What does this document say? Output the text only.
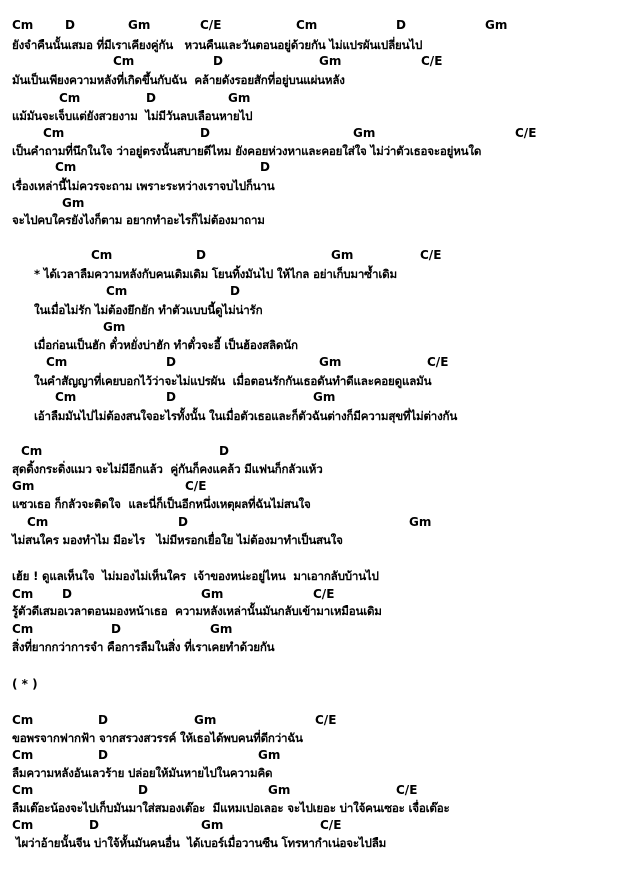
Cm

	D

	Gm

	C/E

	Cm

	D

	Gm

ยังจำคืนนั้นเสมอ ที่มีเราเคียงคู่กัน   หวนคืนและวันตอนอยู่ด้วยกัน ไม่แปรผันเปลี่ยนไป

Cm

	D

	Gm

	C/E

มันเป็นเพียงความหลังที่เกิดขึ้นกับฉัน  คล้ายดังรอยสักที่อยู่บนแผ่นหลัง

Cm

	D

	Gm

แม้มันจะเจ็บแต่ยังสวยงาม  ไม่มีวันลบเลือนหายไป

Cm

	D

	Gm

	C/E

เป็นคำถามที่นึกในใจ ว่าอยู่ตรงนั้นสบายดีไหม ยังคอยห่วงหาและคอยใส่ใจ ไม่ว่าตัวเธอจะอยู่หนใด

Cm

	D

เรื่องเหล่านี้ไม่ควรจะถาม เพราะระหว่างเราจบไปก็นาน

Gm

จะไปคบใครยังไงก็ตาม อยากทำอะไรก็ไม่ต้องมาถาม

Cm

	D

	Gm

	C/E

* ได้เวลาลืมความหลังกับคนเดิมเดิม โยนทิ้งมันไป ให้ไกล อย่าเก็บมาซ้ำเดิม

Cm

	D

ในเมื่อไม่รัก ไม่ต้องยึกยัก ทำตัวแบบนี้ดูไม่น่ารัก

Gm

เมื่อก่อนเป็นฮัก ตั๋วหยั่งบ่าฮัก ทำตั๋วจะอี้ เป็นฮ้องสลิดนัก

Cm

	D

	Gm

	C/E

ในคำสัญญาที่เคยบอกไว้ว่าจะไม่แปรผัน  เมื่อตอนรักกันเธอดันทำดีและคอยดูแลมัน

Cm

	D

	Gm

เอ้าลืมมันไปไม่ต้องสนใจอะไรทั้งนั้น ในเมื่อตัวเธอและก็ตัวฉันต่างก็มีความสุขที่ไม่ต่างกัน

Cm

	D

สุดดิ้งกระดิ่งแมว จะไม่มีอีกแล้ว  คู่กันก็คงแคล้ว มีแฟนก็กลัวแห้ว

Gm

	C/E

แซวเธอ ก็กลัวจะติดใจ  และนี่ก็เป็นอีกหนึ่งเหตุผลที่ฉันไม่สนใจ

Cm

	D

	Gm

ไม่สนใคร มองทำไม มีอะไร   ไม่มีหรอกเยื่อใย ไม่ต้องมาทำเป็นสนใจ
เฮ้ย ! ดูแลเห็นใจ  ไม่มองไม่เห็นใคร  เจ้าของหน่ะอยู่ไหน  มาเอากลับบ้านไป

Cm

D

	Gm

	C/E

รู้ตัวดีเสมอเวลาตอนมองหน้าเธอ  ความหลังเหล่านั้นมันกลับเข้ามาเหมือนเดิม

Cm

	D

	Gm

สิ่งที่ยากกว่าการจำ คือการลืมในสิ่ง ที่เราเคยทำด้วยกัน
( * )

Cm

	D

	Gm

	C/E

ขอพรจากฟากฟ้า จากสรวงสวรรค์ ให้เธอได้พบคนที่ดีกว่าฉัน

Cm

	D

	Gm

ลืมความหลังอันเลวร้าย ปล่อยให้มันหายไปในความคิด

Cm

	D

	Gm

	C/E

ลืมเต๊อะน้องจะไปเก็บมันมาใส่สมองเต๊อะ  มีแหมเปอเลอะ จะไปเยอะ บ่าใจ้คนเซอะ เจื่อเต๊อะ

Cm

	D

	Gm

	C/E

ไผว่าอ้ายนั้นจีน บ่าใจ้หั้นมันคนอื่น  ได้เบอร์เมื่อวานซืน โทรหากำเน่อจะไปลืม
